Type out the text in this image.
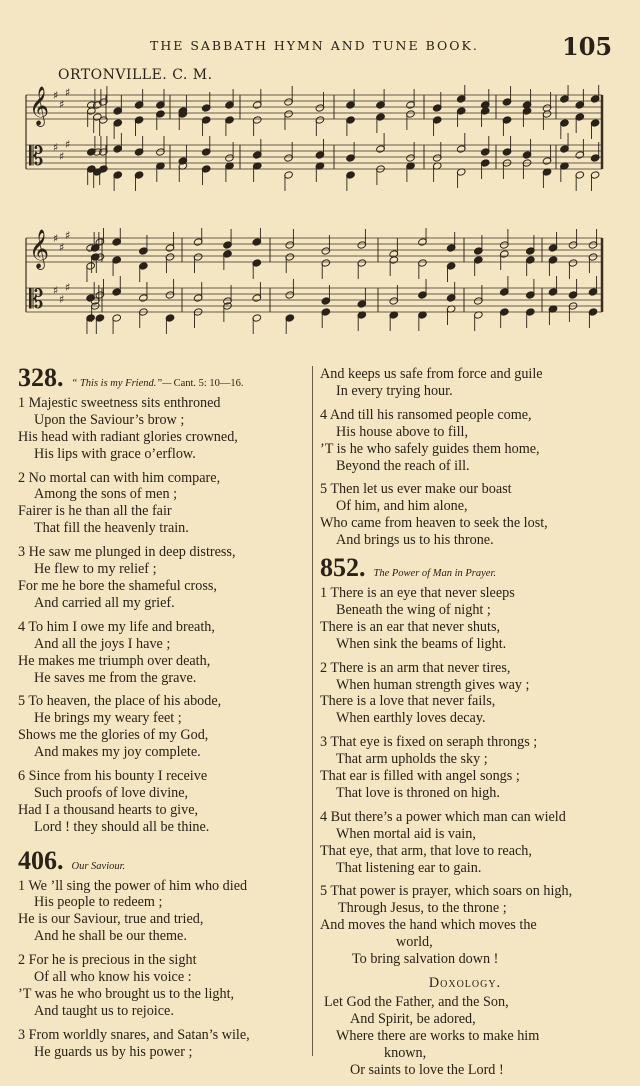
THE SABBATH HYMN AND TUNE BOOK.	105
ORTONVILLE. C. M.
𝄞 ♯
♯
♯
𝄡 ♯
♯
♯
𝄞 ♯
♯
♯
𝄡 ♯
♯
♯
328. “ This is my Friend.”— Cant. 5: 10—16.
1 Majestic sweetness sits enthroned
Upon the Saviour’s brow ;
His head with radiant glories crowned,
His lips with grace o’erflow.
2 No mortal can with him compare,
Among the sons of men ;
Fairer is he than all the fair
That fill the heavenly train.
3 He saw me plunged in deep distress,
He flew to my relief ;
For me he bore the shameful cross,
And carried all my grief.
4 To him I owe my life and breath,
And all the joys I have ;
He makes me triumph over death,
He saves me from the grave.
5 To heaven, the place of his abode,
He brings my weary feet ;
Shows me the glories of my God,
And makes my joy complete.
6 Since from his bounty I receive
Such proofs of love divine,
Had I a thousand hearts to give,
Lord ! they should all be thine.
406. Our Saviour.
1 We ’ll sing the power of him who died
His people to redeem ;
He is our Saviour, true and tried,
And he shall be our theme.
2 For he is precious in the sight
Of all who know his voice :
’T was he who brought us to the light,
And taught us to rejoice.
3 From worldly snares, and Satan’s wile,
He guards us by his power ;
And keeps us safe from force and guile
In every trying hour.
4 And till his ransomed people come,
His house above to fill,
’T is he who safely guides them home,
Beyond the reach of ill.
5 Then let us ever make our boast
Of him, and him alone,
Who came from heaven to seek the lost,
And brings us to his throne.
852. The Power of Man in Prayer.
1 There is an eye that never sleeps
Beneath the wing of night ;
There is an ear that never shuts,
When sink the beams of light.
2 There is an arm that never tires,
When human strength gives way ;
There is a love that never fails,
When earthly loves decay.
3 That eye is fixed on seraph throngs ;
That arm upholds the sky ;
That ear is filled with angel songs ;
That love is throned on high.
4 But there’s a power which man can wield
When mortal aid is vain,
That eye, that arm, that love to reach,
That listening ear to gain.
5 That power is prayer, which soars on high,
Through Jesus, to the throne ;
And moves the hand which moves the
world,
To bring salvation down !
Doxology.
Let God the Father, and the Son,
And Spirit, be adored,
Where there are works to make him
known,
Or saints to love the Lord !
